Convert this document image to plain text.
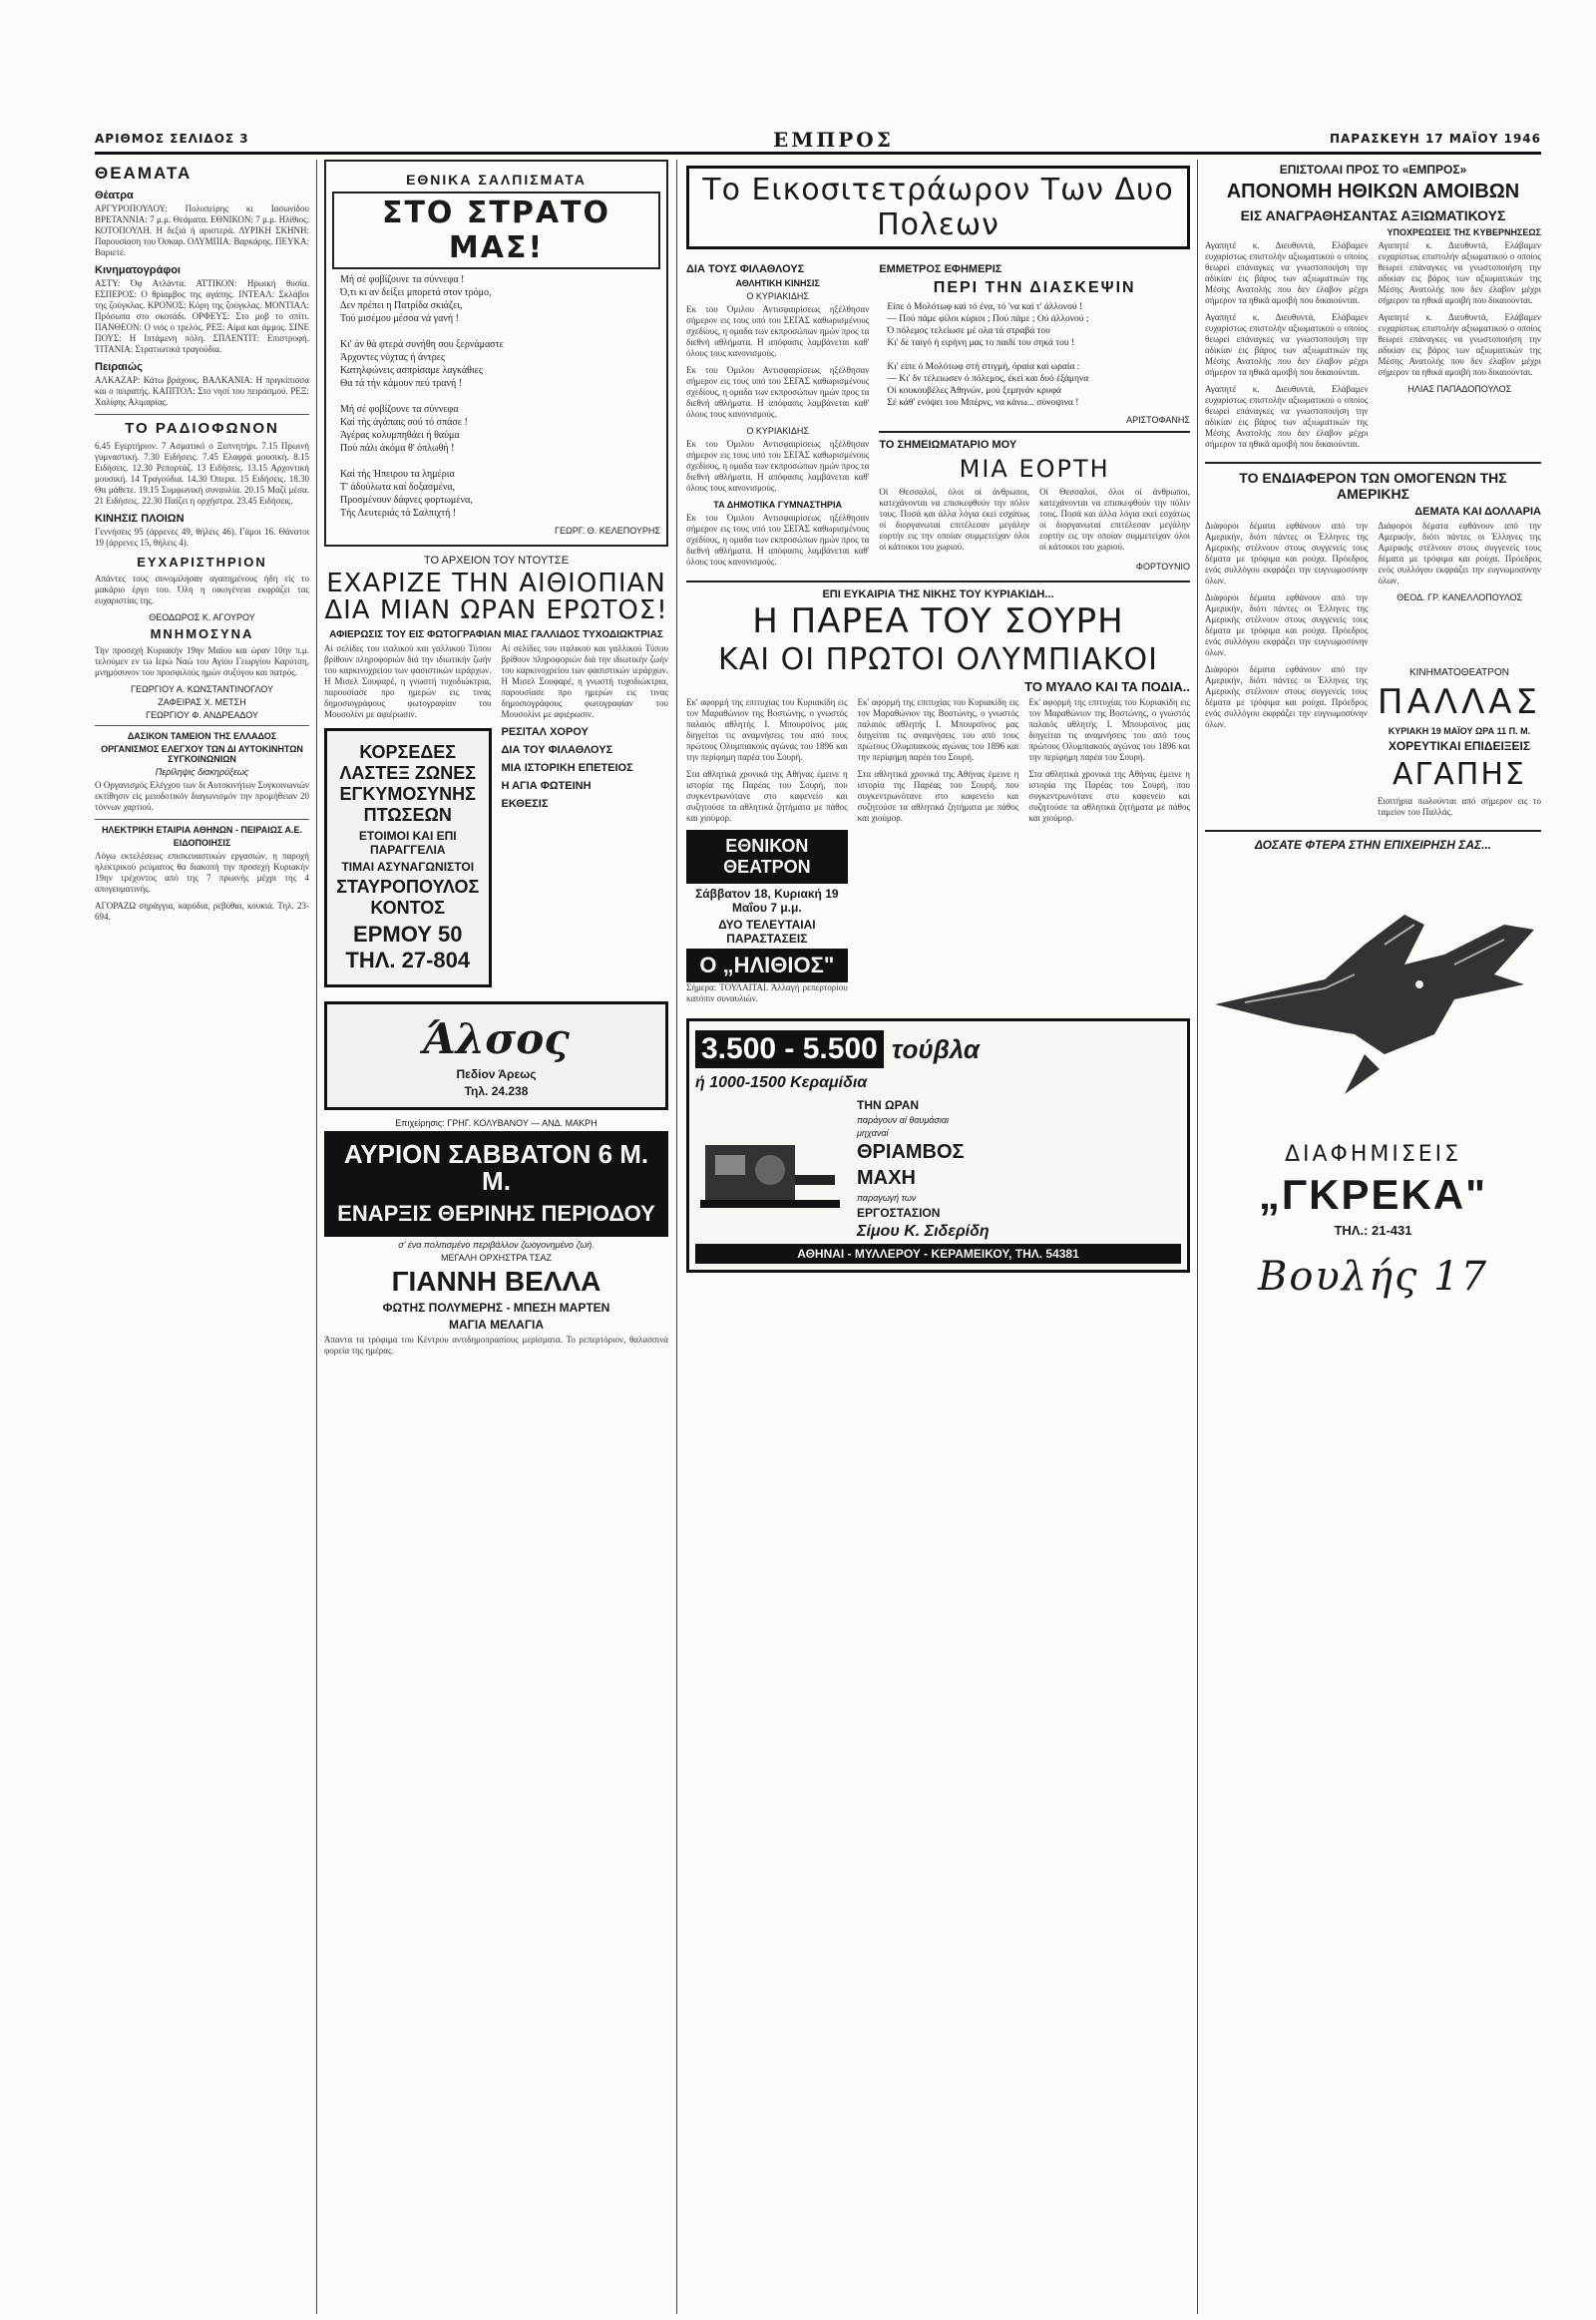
ΑΡΙΘΜΟΣ ΣΕΛΙΔΟΣ 3	ΕΜΠΡΟΣ	ΠΑΡΑΣΚΕΥΗ 17 ΜΑΪΟΥ 1946
ΘΕΑΜΑΤΑ
Θέατρα

ΑΡΓΥΡΟΠΟΥΛΟΥ: Πολυπείρης κι Ιασωνίδου ΒΡΕΤΑΝΝΙΑ: 7 μ.μ. Θεάματα. ΕΘΝΙΚΟΝ: 7 μ.μ. Ηλίθιος. ΚΟΤΟΠΟΥΛΗ. Η δεξιά ή αριστερά. ΛΥΡΙΚΗ ΣΚΗΝΗ: Παρουσίαση του Όσκαρ. ΟΛΥΜΠΙΑ: Βαρκάρης. ΠΕΥΚΑ: Βαριετέ.

Κινηματογράφοι

ΑΣΤΥ: Όφ Ατλάντα. ΑΤΤΙΚΟΝ: Ηρωική θυσία. ΕΣΠΕΡΟΣ: Ο θρίαμβος της αγάπης. ΙΝΤΕΑΛ: Σκλάβοι της ζούγκλας. ΚΡΟΝΟΣ: Κόρη της ζούγκλας. ΜΟΝΤΙΑΛ: Πρόσωπα στο σκοτάδι. ΟΡΦΕΥΣ: Στο μοβ το σπίτι. ΠΑΝΘΕΟΝ: Ο νιός ο τρελός. ΡΕΞ: Αίμα και άμμος. ΣΙΝΕ ΠΟΥΣ: Η Ιπτάμενη πόλη. ΣΠΛΕΝΤΙΤ: Επιστροφή. ΤΙΤΑΝΙΑ: Στρατιωτικά τραγούδια.

Πειραιώς

ΑΛΚΑΖΑΡ: Κάτω βράχους. ΒΑΛΚΑΝΙΑ: Η πριγκίπισσα και ο πειρατής. ΚΑΠΙΤΟΛ: Στο νησί του πειρασμού. ΡΕΞ: Χαλίφης Αλιμαρίας.

ΤΟ ΡΑΔΙΟΦΩΝΟΝ

6.45 Εγερτήριον. 7 Ασματικό ο Ξυπνητήρι. 7.15 Πρωινή γυμναστική. 7.30 Ειδήσεις. 7.45 Ελαφρά μουσική. 8.15 Ειδήσεις. 12.30 Ρεπορτάζ. 13 Ειδήσεις. 13.15 Αρχοντική μουσική. 14 Τραγούδια. 14.30 Όπερα. 15 Ειδήσεις. 18.30 Θα μάθετε. 19.15 Συμφωνική συναυλία. 20.15 Μαζί μέσα. 21 Ειδήσεις. 22.30 Παίζει η ορχήστρα. 23.45 Ειδήσεις.

ΚΙΝΗΣΙΣ ΠΛΟΙΩΝ

Γεννήσεις 95 (άρρενες 49, θήλεις 46). Γάμοι 16. Θάνατοι 19 (άρρενες 15, θήλεις 4).

ΕΥΧΑΡΙΣΤΗΡΙΟΝ

Απάντες τους συνομίλησαν αγαπημένους ήδη είς το μακάριο έργο του. Όλη η οικογένεια εκφράζει τας ευχαριστίας της.

ΘΕΟΔΩΡΟΣ Κ. ΑΓΟΥΡΟΥ
ΜΝΗΜΟΣΥΝΑ

Την προσεχή Κυριακήν 19ην Μαΐου και ώραν 10ην π.μ. τελούμεν εν τω Ιερώ Ναώ του Αγίου Γεωργίου Καρύτση, μνημόσυνον του προσφιλούς ημών συζύγου και πατρός.

ΓΕΩΡΓΙΟΥ Α. ΚΩΝΣΤΑΝΤΙΝΟΓΛΟΥ
ΖΑΦΕΙΡΑΣ Χ. ΜΕΤΣΗ
ΓΕΩΡΓΙΟΥ Φ. ΑΝΔΡΕΑΔΟΥ
ΔΑΣΙΚΟΝ ΤΑΜΕΙΟΝ ΤΗΣ ΕΛΛΑΔΟΣ
ΟΡΓΑΝΙΣΜΟΣ ΕΛΕΓΧΟΥ ΤΩΝ ΔΙ ΑΥΤΟΚΙΝΗΤΩΝ ΣΥΓΚΟΙΝΩΝΙΩΝ
Περίληψις διακηρύξεως

Ο Οργανισμός Ελέγχου των δι Αυτοκινήτων Συγκοινωνιών εκτίθησιν είς μειοδοτικόν διαγωνισμόν την προμήθειαν 20 τόννων χαρτιού.

ΗΛΕΚΤΡΙΚΗ ΕΤΑΙΡΙΑ ΑΘΗΝΩΝ - ΠΕΙΡΑΙΩΣ Α.Ε.
ΕΙΔΟΠΟΙΗΣΙΣ

Λόγω εκτελέσεως επισκευαστικών εργασιών, η παροχή ηλεκτρικού ρεύματος θα διακοπή την προσεχή Κυριακήν 19ην τρέχοντος από της 7 πρωινής μέχρι της 4 απογευματινής.

ΑΓΟΡΑΖΩ σηράγγια, καρύδια, ρεβύθια, κουκιά. Τηλ. 23-694.

ΕΘΝΙΚΑ ΣΑΛΠΙΣΜΑΤΑ
ΣΤΟ ΣΤΡΑΤΟ ΜΑΣ!
Μή σέ φοβίζουνε τα σύννεφα !
Ό,τι κι αν δείξει μπορετά στον τρόμο,
Δεν πρέπει η Πατρίδα σκιάζει,
Τού μισέμου μέσσα νά γανή !

Κι' άν θά φτερά συνήθη σου ξερνάμαστε
Άρχοντες νύχτας ή άντρες
Κατηλφώνεις ασπρίσαμε λαγκάθιες
Θα τά τήν κάμουν πεύ τρανή !

Μή σέ φοβίζουνε τα σύννεφα
Καί τής άγάπαις σού τό σπάσε !
Άγέρας κολυμπηθάει ή θαύμα
Πού πάλι άκόμα θ' όπλωθή !

Καί τής Ήπειρου τα λημέρια
Τ' άδούλωτα καί δοξασμένα,
Προσμένουν δάφνες φορτωμένα,
Τής Λευτεριάς τά Σαλπιχτή !
ΓΕΩΡΓ. Θ. ΚΕΛΕΠΟΥΡΗΣ
ΤΟ ΑΡΧΕΙΟΝ ΤΟΥ ΝΤΟΥΤΣΕ
ΕΧΑΡΙΖΕ ΤΗΝ ΑΙΘΙΟΠΙΑΝ ΔΙΑ ΜΙΑΝ ΩΡΑΝ ΕΡΩΤΟΣ!
ΑΦΙΕΡΩΣΙΣ ΤΟΥ ΕΙΣ ΦΩΤΟΓΡΑΦΙΑΝ ΜΙΑΣ ΓΑΛΛΙΔΟΣ ΤΥΧΟΔΙΩΚΤΡΙΑΣ

Αί σελίδες του ιταλικού και γαλλικού Τύπου βρίθουν πληροφοριών διά την ιδιωτικήν ζωήν του καρκινοχρείου των φασιστικών ιεράρχων. Η Μισελ Σουφαρέ, η γνωστή τυχοδιώκτρια, παρουσίασε προ ημερών εις τινας δημοσιογράφους φωτογραφίαν του Μουσολίνι με αφιέρωσιν.

ΚΟΡΣΕΔΕΣ ΛΑΣΤΕΞ ΖΩΝΕΣ ΕΓΚΥΜΟΣΥΝΗΣ ΠΤΩΣΕΩΝ
ΕΤΟΙΜΟΙ ΚΑΙ ΕΠΙ ΠΑΡΑΓΓΕΛΙΑ
ΤΙΜΑΙ ΑΣΥΝΑΓΩΝΙΣΤΟΙ
ΣΤΑΥΡΟΠΟΥΛΟΣ ΚΟΝΤΟΣ
ΕΡΜΟΥ 50 ΤΗΛ. 27-804

Αί σελίδες του ιταλικού και γαλλικού Τύπου βρίθουν πληροφοριών διά την ιδιωτικήν ζωήν του καρκινοχρείου των φασιστικών ιεράρχων. Η Μισελ Σουφαρέ, η γνωστή τυχοδιώκτρια, παρουσίασε προ ημερών εις τινας δημοσιογράφους φωτογραφίαν του Μουσολίνι με αφιέρωσιν.

ΡΕΣΙΤΑΛ ΧΟΡΟΥ
ΔΙΑ ΤΟΥ ΦΙΛΑΘΛΟΥΣ
ΜΙΑ ΙΣΤΟΡΙΚΗ ΕΠΕΤΕΙΟΣ
Η ΑΓΙΑ ΦΩΤΕΙΝΗ
ΕΚΘΕΣΙΣ
Άλσος
Πεδίον Άρεως
Τηλ. 24.238
Επιχείρησις: ΓΡΗΓ. ΚΟΛΥΒΑΝΟΥ — ΑΝΔ. ΜΑΚΡΗ
ΑΥΡΙΟΝ ΣΑΒΒΑΤΟΝ 6 Μ. Μ.
ΕΝΑΡΞΙΣ ΘΕΡΙΝΗΣ ΠΕΡΙΟΔΟΥ
σ' ένα πολιτισμένο περιβάλλον ζωογονημένο ζωή.
ΜΕΓΑΛΗ ΟΡΧΗΣΤΡΑ ΤΣΑΖ
ΓΙΑΝΝΗ ΒΕΛΛΑ
ΦΩΤΗΣ ΠΟΛΥΜΕΡΗΣ - ΜΠΕΣΗ ΜΑΡΤΕΝ
ΜΑΓΙΑ ΜΕΛΑΓΙΑ

Άπαντα τα τρόφιμα του Κέντρου αντιδημοπρασίους μερίσματα. Το ρεπερτόριον, θαλασσινά φορεία της ημέρας.

Το Εικοσιτετράωρον Των Δυο Πολεων
ΔΙΑ ΤΟΥΣ ΦΙΛΑΘΛΟΥΣ
ΑΘΛΗΤΙΚΗ ΚΙΝΗΣΙΣ
Ο ΚΥΡΙΑΚΙΔΗΣ

Εκ του Όμιλου Αντισφαιρίσεως ηξέλθησαν σήμερον εις τους υπό του ΣΕΓΑΣ καθωρισμένους σχεδίους, η ομαδα των εκπροσώπων ημών προς τα διεθνή αθλήματα. Η απόφασις λαμβάνεται καθ' όλους τους κανονισμούς.

Εκ του Όμιλου Αντισφαιρίσεως ηξέλθησαν σήμερον εις τους υπό του ΣΕΓΑΣ καθωρισμένους σχεδίους, η ομαδα των εκπροσώπων ημών προς τα διεθνή αθλήματα. Η απόφασις λαμβάνεται καθ' όλους τους κανονισμούς.

Ο ΚΥΡΙΑΚΙΔΗΣ

Εκ του Όμιλου Αντισφαιρίσεως ηξέλθησαν σήμερον εις τους υπό του ΣΕΓΑΣ καθωρισμένους σχεδίους, η ομαδα των εκπροσώπων ημών προς τα διεθνή αθλήματα. Η απόφασις λαμβάνεται καθ' όλους τους κανονισμούς.

ΤΑ ΔΗΜΟΤΙΚΑ ΓΥΜΝΑΣΤΗΡΙΑ

Εκ του Όμιλου Αντισφαιρίσεως ηξέλθησαν σήμερον εις τους υπό του ΣΕΓΑΣ καθωρισμένους σχεδίους, η ομαδα των εκπροσώπων ημών προς τα διεθνή αθλήματα. Η απόφασις λαμβάνεται καθ' όλους τους κανονισμούς.

ΕΜΜΕΤΡΟΣ ΕΦΗΜΕΡΙΣ
ΠΕΡΙ ΤΗΝ ΔΙΑΣΚΕΨΙΝ
Είπε ό Μολότωφ καί τό ένα, τό 'να καί τ' άλλονού !
— Πού πάμε φίλοι κύριοι ; Πού πάμε ; Ού άλλονού ;
Ό πόλεμος τελείωσε μέ ολα τά στραβά του
Κι' δε ταιγό ή ειρήνη μας το παιδί του σηκά του !

Κι' είπε ό Μολότωφ στή στιγμή, όραία καί ωραία :
— Κι' δν τέλειωσεν ό πόλεμος, έκεί και δυό έξάμηνα
Οί κουκουβέλες Άθηνών, μού ξεμηνάν κρυφά
Σέ κάθ' ενόψει του Μπέρνς, να κάνω... σύνοψινα !
ΑΡΙΣΤΟΦΑΝΗΣ
ΤΟ ΣΗΜΕΙΩΜΑΤΑΡΙΟ ΜΟΥ
ΜΙΑ ΕΟΡΤΗ

Οί Θεσσαλοί, όλοι οί άνθρωποι, κατεχάνονται να επισκεφθούν την πόλιν τους. Ποσά και άλλα λόγια εκεί εσχάτως οί διοργανωταί επιτέλεσαν μεγάλην εορτήν εις την οποίαν συμμετείχαν όλοι οί κάτοικοι του χωριού.

Οί Θεσσαλοί, όλοι οί άνθρωποι, κατεχάνονται να επισκεφθούν την πόλιν τους. Ποσά και άλλα λόγια εκεί εσχάτως οί διοργανωταί επιτέλεσαν μεγάλην εορτήν εις την οποίαν συμμετείχαν όλοι οί κάτοικοι του χωριού.

ΦΟΡΤΟΥΝΙΟ
ΕΠΙ ΕΥΚΑΙΡΙΑ ΤΗΣ ΝΙΚΗΣ ΤΟΥ ΚΥΡΙΑΚΙΔΗ...
Η ΠΑΡΕΑ ΤΟΥ ΣΟΥΡΗ
ΚΑΙ ΟΙ ΠΡΩΤΟΙ ΟΛΥΜΠΙΑΚΟΙ
ΤΟ ΜΥΑΛΟ ΚΑΙ ΤΑ ΠΟΔΙΑ..

Εκ' αφορμή της επιτυχίας του Κυριακίδη εις τον Μαραθώνιον της Βοστώνης, ο γνωστός παλαιός αθλητής Ι. Μπουρσίνος μας διηγείται τις αναμνήσεις του από τους πρώτους Ολυμπιακούς αγώνας του 1896 και την περίφημη παρέα του Σουρή.

Στα αθλητικά χρονικά της Αθήνας έμεινε η ιστορία της Παρέας του Σουρή, που συγκεντρωνότανε στο καφενείο και συζητούσε τα αθλητικά ζητήματα με πάθος και χιούμορ.

ΕΘΝΙΚΟΝ ΘΕΑΤΡΟΝ
Σάββατον 18, Κυριακή 19 Μαΐου 7 μ.μ.
ΔΥΟ ΤΕΛΕΥΤΑΙΑΙ ΠΑΡΑΣΤΑΣΕΙΣ
Ο „ΗΛΙΘΙΟΣ"

Σήμερα: ΤΟΥΛΑΙΤΑΙ. Άλλαγή ρεπερτορίου κατόπιν συναυλιών.

Εκ' αφορμή της επιτυχίας του Κυριακίδη εις τον Μαραθώνιον της Βοστώνης, ο γνωστός παλαιός αθλητής Ι. Μπουρσίνος μας διηγείται τις αναμνήσεις του από τους πρώτους Ολυμπιακούς αγώνας του 1896 και την περίφημη παρέα του Σουρή.

Στα αθλητικά χρονικά της Αθήνας έμεινε η ιστορία της Παρέας του Σουρή, που συγκεντρωνότανε στο καφενείο και συζητούσε τα αθλητικά ζητήματα με πάθος και χιούμορ.

Εκ' αφορμή της επιτυχίας του Κυριακίδη εις τον Μαραθώνιον της Βοστώνης, ο γνωστός παλαιός αθλητής Ι. Μπουρσίνος μας διηγείται τις αναμνήσεις του από τους πρώτους Ολυμπιακούς αγώνας του 1896 και την περίφημη παρέα του Σουρή.

Στα αθλητικά χρονικά της Αθήνας έμεινε η ιστορία της Παρέας του Σουρή, που συγκεντρωνότανε στο καφενείο και συζητούσε τα αθλητικά ζητήματα με πάθος και χιούμορ.

3.500 - 5.500 τούβλα
ή 1000-1500 Κεραμίδια
ΤΗΝ ΩΡΑΝ
παράγουν αί θαυμάσιαι
μηχαναί
ΘΡΙΑΜΒΟΣ
ΜΑΧΗ
παραγωγή των
ΕΡΓΟΣΤΑΣΙΟΝ
Σίμου Κ. Σιδερίδη
ΑΘΗΝΑΙ - ΜΥΛΛΕΡΟΥ - ΚΕΡΑΜΕΙΚΟΥ, ΤΗΛ. 54381
ΕΠΙΣΤΟΛΑΙ ΠΡΟΣ ΤΟ «ΕΜΠΡΟΣ»
ΑΠΟΝΟΜΗ ΗΘΙΚΩΝ ΑΜΟΙΒΩΝ
ΕΙΣ ΑΝΑΓΡΑΘΗΣΑΝΤΑΣ ΑΞΙΩΜΑΤΙΚΟΥΣ
ΥΠΟΧΡΕΩΣΕΙΣ ΤΗΣ ΚΥΒΕΡΝΗΣΕΩΣ

Αγαπητέ κ. Διευθυντά, Ελάβαμεν ευχαρίστως επιστολήν αξιωματικού ο οποίος θεωρεί επάναγκες να γνωστοποιήση την αδικίαν εις βάρος των αξιωματικών της Μέσης Ανατολής που δεν έλαβον μέχρι σήμερον τα ηθικά αμοιβή που δικαιούνται.

Αγαπητέ κ. Διευθυντά, Ελάβαμεν ευχαρίστως επιστολήν αξιωματικού ο οποίος θεωρεί επάναγκες να γνωστοποιήση την αδικίαν εις βάρος των αξιωματικών της Μέσης Ανατολής που δεν έλαβον μέχρι σήμερον τα ηθικά αμοιβή που δικαιούνται.

Αγαπητέ κ. Διευθυντά, Ελάβαμεν ευχαρίστως επιστολήν αξιωματικού ο οποίος θεωρεί επάναγκες να γνωστοποιήση την αδικίαν εις βάρος των αξιωματικών της Μέσης Ανατολής που δεν έλαβον μέχρι σήμερον τα ηθικά αμοιβή που δικαιούνται.

Αγαπητέ κ. Διευθυντά, Ελάβαμεν ευχαρίστως επιστολήν αξιωματικού ο οποίος θεωρεί επάναγκες να γνωστοποιήση την αδικίαν εις βάρος των αξιωματικών της Μέσης Ανατολής που δεν έλαβον μέχρι σήμερον τα ηθικά αμοιβή που δικαιούνται.

Αγαπητέ κ. Διευθυντά, Ελάβαμεν ευχαρίστως επιστολήν αξιωματικού ο οποίος θεωρεί επάναγκες να γνωστοποιήση την αδικίαν εις βάρος των αξιωματικών της Μέσης Ανατολής που δεν έλαβον μέχρι σήμερον τα ηθικά αμοιβή που δικαιούνται.

ΗΛΙΑΣ ΠΑΠΑΔΟΠΟΥΛΟΣ
ΤΟ ΕΝΔΙΑΦΕΡΟΝ ΤΩΝ ΟΜΟΓΕΝΩΝ ΤΗΣ ΑΜΕΡΙΚΗΣ
ΔΕΜΑΤΑ ΚΑΙ ΔΟΛΛΑΡΙΑ

Διάφοροι δέματα εφθάνουν από την Αμερικήν, διότι πάντες οι Έλληνες της Αμερικής στέλνουν στους συγγενείς τους δέματα με τρόφιμα και ρούχα. Πρόεδρος ενός συλλόγου εκφράζει την ευγνωμοσύνην όλων.

Διάφοροι δέματα εφθάνουν από την Αμερικήν, διότι πάντες οι Έλληνες της Αμερικής στέλνουν στους συγγενείς τους δέματα με τρόφιμα και ρούχα. Πρόεδρος ενός συλλόγου εκφράζει την ευγνωμοσύνην όλων.

Διάφοροι δέματα εφθάνουν από την Αμερικήν, διότι πάντες οι Έλληνες της Αμερικής στέλνουν στους συγγενείς τους δέματα με τρόφιμα και ρούχα. Πρόεδρος ενός συλλόγου εκφράζει την ευγνωμοσύνην όλων.

ΘΕΟΔ. ΓΡ. ΚΑΝΕΛΛΟΠΟΥΛΟΣ

Διάφοροι δέματα εφθάνουν από την Αμερικήν, διότι πάντες οι Έλληνες της Αμερικής στέλνουν στους συγγενείς τους δέματα με τρόφιμα και ρούχα. Πρόεδρος ενός συλλόγου εκφράζει την ευγνωμοσύνην όλων.

ΚΙΝΗΜΑΤΟΘΕΑΤΡΟΝ
ΠΑΛΛΑΣ
ΚΥΡΙΑΚΗ 19 ΜΑΪΟΥ ΩΡΑ 11 Π. Μ.
ΧΟΡΕΥΤΙΚΑΙ ΕΠΙΔΕΙΞΕΙΣ
ΑΓΑΠΗΣ

Εισιτήρια πωλούνται από σήμερον εις το ταμείον του Παλλάς.

ΔΟΣΑΤΕ ΦΤΕΡΑ ΣΤΗΝ ΕΠΙΧΕΙΡΗΣΗ ΣΑΣ...
ΔΙΑΦΗΜΙΣΕΙΣ
„ΓΚΡΕΚΑ"
ΤΗΛ.: 21-431
Βουλής 17
